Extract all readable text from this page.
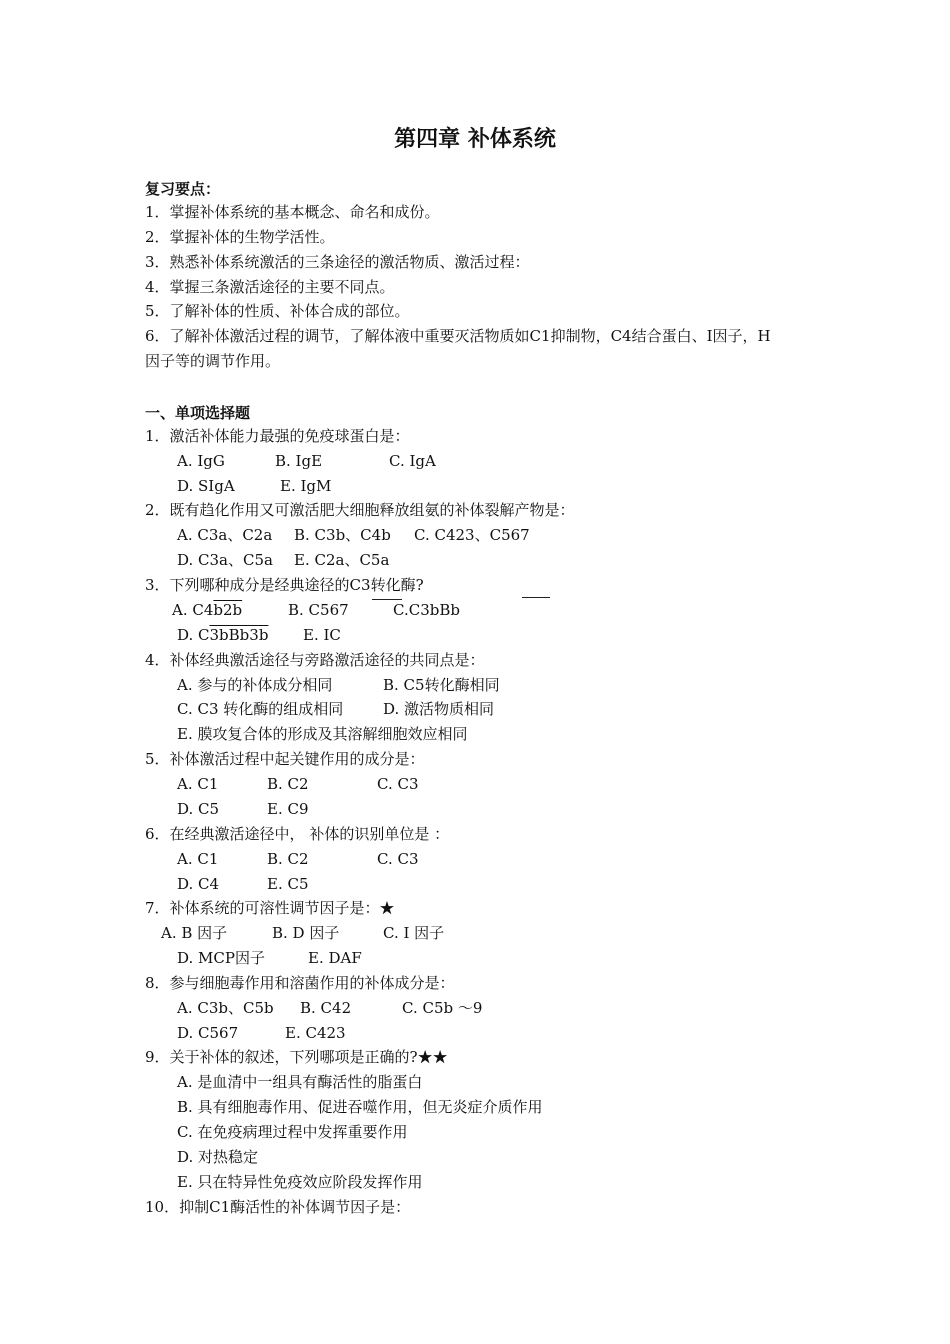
第四章 补体系统
复习要点：
1．掌握补体系统的基本概念、命名和成份。
2．掌握补体的生物学活性。
3．熟悉补体系统激活的三条途径的激活物质、激活过程：
4．掌握三条激活途径的主要不同点。
5．了解补体的性质、补体合成的部位。
6．了解补体激活过程的调节，了解体液中重要灭活物质如C1抑制物，C4结合蛋白、I因子，H
因子等的调节作用。
一、单项选择题
1．激活补体能力最强的免疫球蛋白是：
A. IgG	B. IgE	C. IgA
D. SIgA	E. IgM
2．既有趋化作用又可激活肥大细胞释放组氨的补体裂解产物是：
A. C3a、C2a B. C3b、C4b C. C423、C567
D. C3a、C5a E. C2a、C5a
3．下列哪种成分是经典途径的C3转化酶?
A. C4b2b	B. C567	C.C3bBb
D. C3bBb3b E. IC
4．补体经典激活途径与旁路激活途径的共同点是：
A. 参与的补体成分相同	B. C5转化酶相同
C. C3 转化酶的组成相同	D. 激活物质相同
E. 膜攻复合体的形成及其溶解细胞效应相同
5．补体激活过程中起关键作用的成分是：
A. C1	B. C2	C. C3
D. C5	E. C9
6．在经典激活途径中， 补体的识别单位是 ：
A. C1	B. C2	C. C3
D. C4	E. C5
7．补体系统的可溶性调节因子是：★
A. B 因子	B. D 因子	C. I 因子
D. MCP因子	E. DAF
8．参与细胞毒作用和溶菌作用的补体成分是：
A. C3b、C5b B. C42	C. C5b ～9
D. C567	E. C423
9．关于补体的叙述，下列哪项是正确的?★★
A. 是血清中一组具有酶活性的脂蛋白
B. 具有细胞毒作用、促进吞噬作用，但无炎症介质作用
C. 在免疫病理过程中发挥重要作用
D. 对热稳定
E. 只在特异性免疫效应阶段发挥作用
10．抑制C1酶活性的补体调节因子是：
